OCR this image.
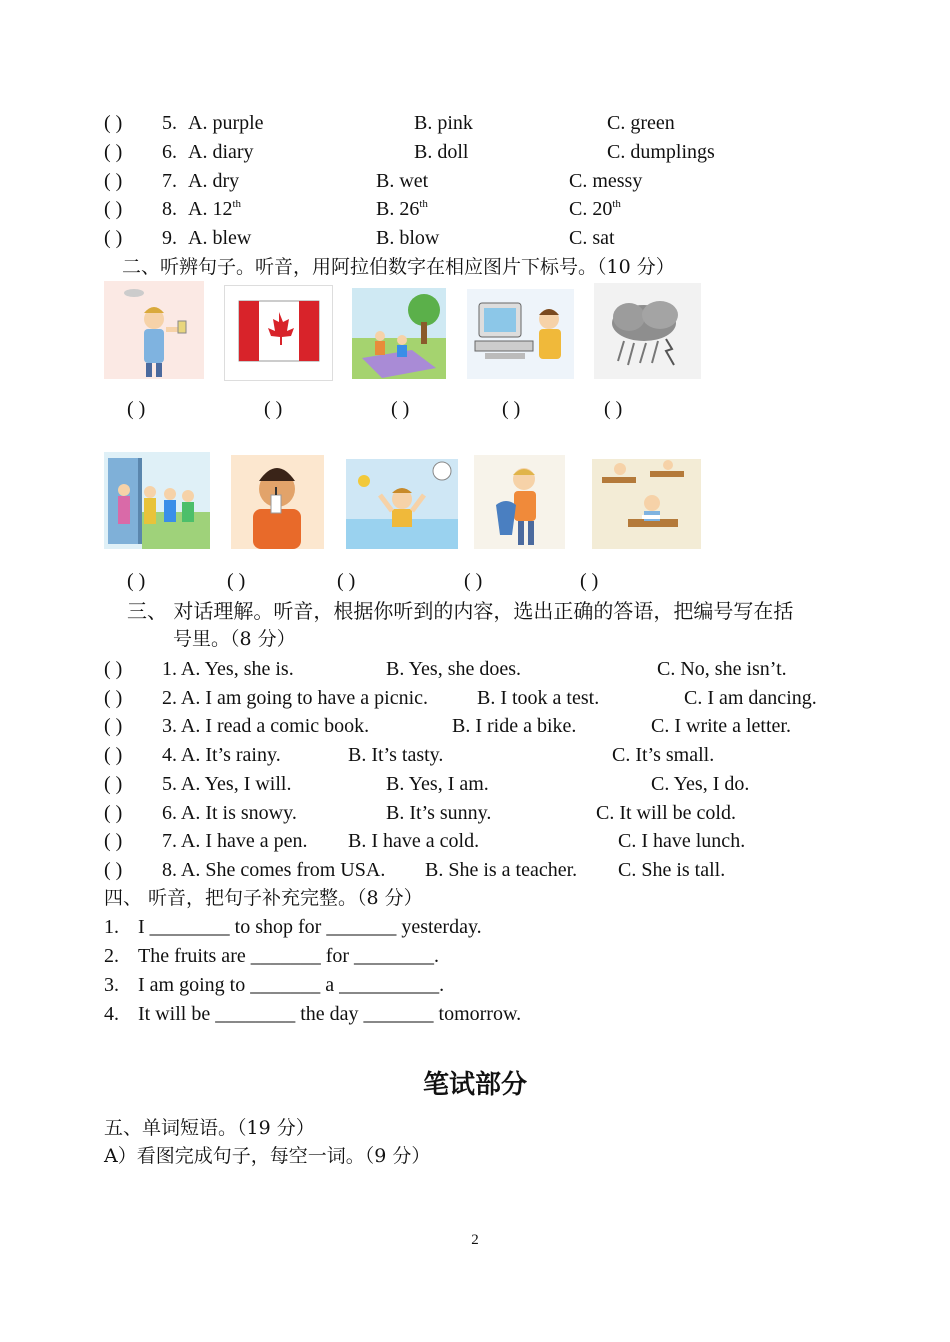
( ) 5. A. purple	B. pink	C. green
( ) 6. A. diary	B. doll	C. dumplings
( ) 7. A. dry	B. wet	C. messy
( ) 8. A. 12th	B. 26th	C. 20th
( ) 9. A. blew	B. blow	C. sat
二、听辨句子。听音，用阿拉伯数字在相应图片下标号。（10 分）
( )	( )	( )	( )	( )
( )	( )	( )	( )	( )
三、 对话理解。听音，根据你听到的内容，选出正确的答语，把编号写在括
号里。（8 分）
( ) 1. A. Yes, she is.	B. Yes, she does.	C. No, she isn’t.
( ) 2. A. I am going to have a picnic. B. I took a test.	C. I am dancing.
( ) 3. A. I read a comic book.	B. I ride a bike.	C. I write a letter.
( ) 4. A. It’s rainy.	B. It’s tasty.	C. It’s small.
( ) 5. A. Yes, I will.	B. Yes, I am.	C. Yes, I do.
( ) 6. A. It is snowy.	B. It’s sunny.	C. It will be cold.
( ) 7. A. I have a pen. B. I have a cold.	C. I have lunch.
( ) 8. A. She comes from USA. B. She is a teacher. C. She is tall.
四、 听音，把句子补充完整。（8 分）
1. I ________ to shop for _______ yesterday.
2. The fruits are _______ for ________.
3. I am going to _______ a __________.
4. It will be ________ the day _______ tomorrow.
笔试部分
五、单词短语。（19 分）
A）看图完成句子，每空一词。（9 分）
2
